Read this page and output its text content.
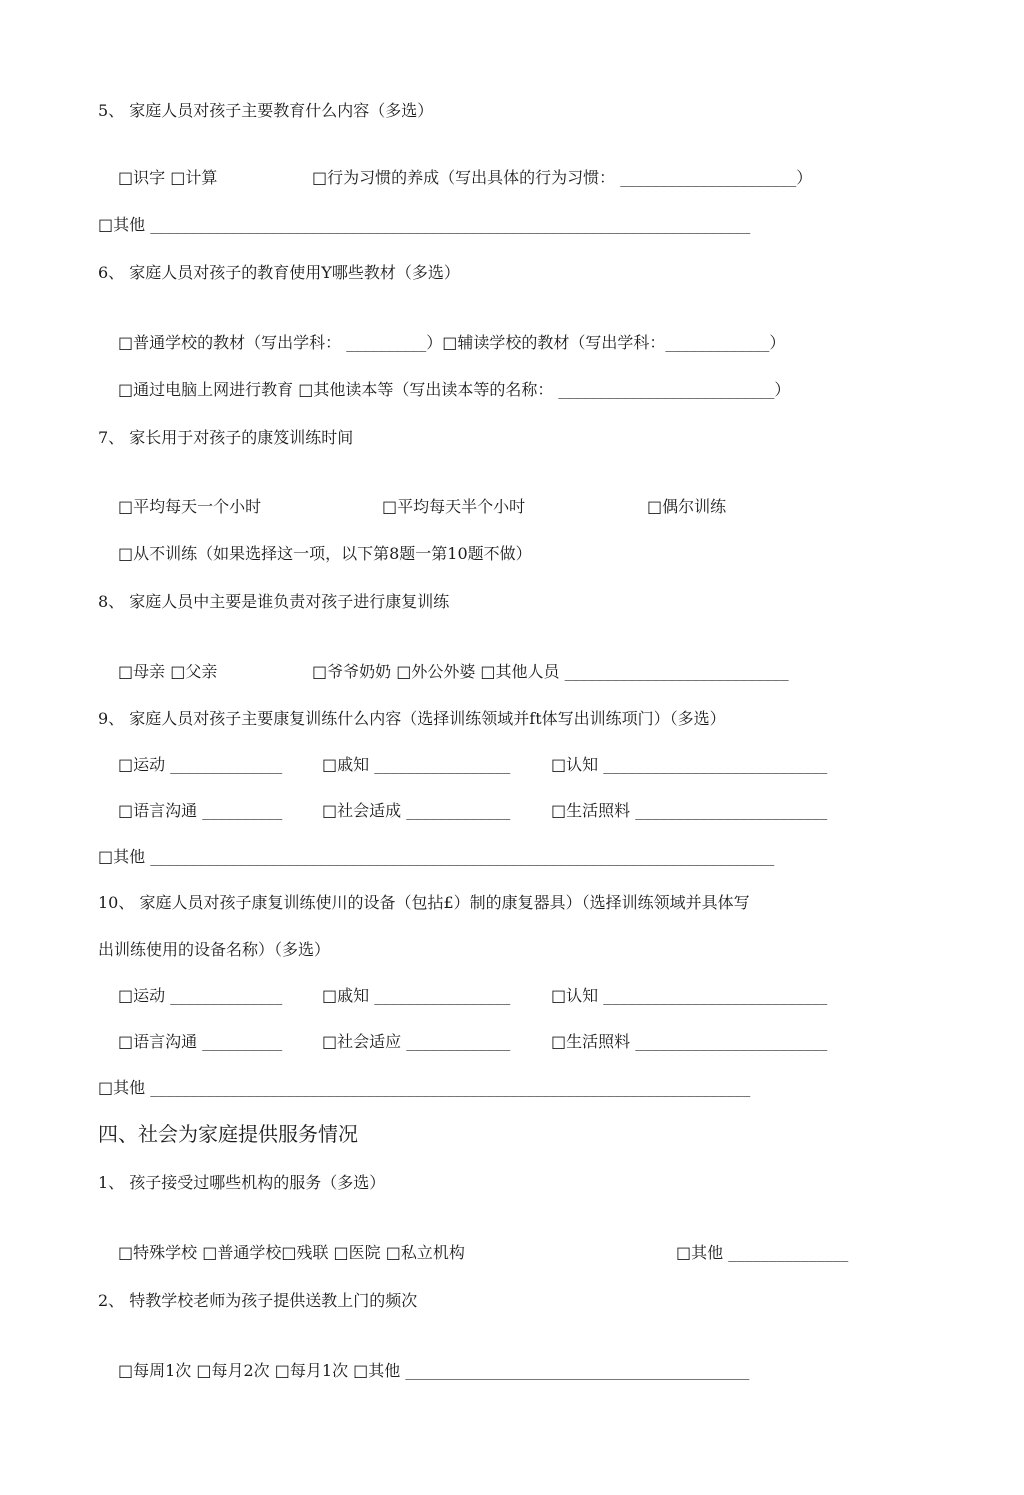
5、 家庭人员对孩子主要教育什么内容（多选）
□识字 □计算	□行为习惯的养成（写出具体的行为习惯： ______________________）
□其他 ___________________________________________________________________________
6、 家庭人员对孩子的教育使用Y哪些教材（多选）
□普通学校的教材（写出学科： __________）□辅读学校的教材（写出学科：_____________）
□通过电脑上网进行教育 □其他读本等（写出读本等的名称： ___________________________）
7、 家长用于对孩子的康笈训练时间
□平均每天一个小时	□平均每天半个小吋	□偶尔训练
□从不训练（如果选择这一项，以下第8题一第10题不做）
8、 家庭人员中主要是谁负责对孩子进行康复训练
□母亲 □父亲	□爷爷奶奶 □外公外婆 □其他人员 ____________________________
9、 家庭人员对孩子主要康复训练什么内容（选择训练领域并ft体写出训练项门）（多选）
□运动 ______________ □戚知 _________________	□认知 ____________________________
□语言沟通 __________ □社会适成 _____________	□生活照料 ________________________
□其他 ______________________________________________________________________________
10、 家庭人员对孩子康复训练使川的设备（包拈£）制的康复器具）（选择训练领域并具体写
出训练使用的设备名称）（多选）
□运动 ______________ □戚知 _________________	□认知 ____________________________
□语言沟通 __________ □社会适应 _____________	□生活照料 ________________________
□其他 ___________________________________________________________________________
四、社会为家庭提供服务情况
1、 孩子接受过哪些机构的服务（多选）
□特殊学校 □普通学校□残联 □医院 □私立机构	□其他 _______________
2、 特教学校老师为孩子提供送教上门的频次
□每周1次 □每月2次 □每月1次 □其他 ___________________________________________
